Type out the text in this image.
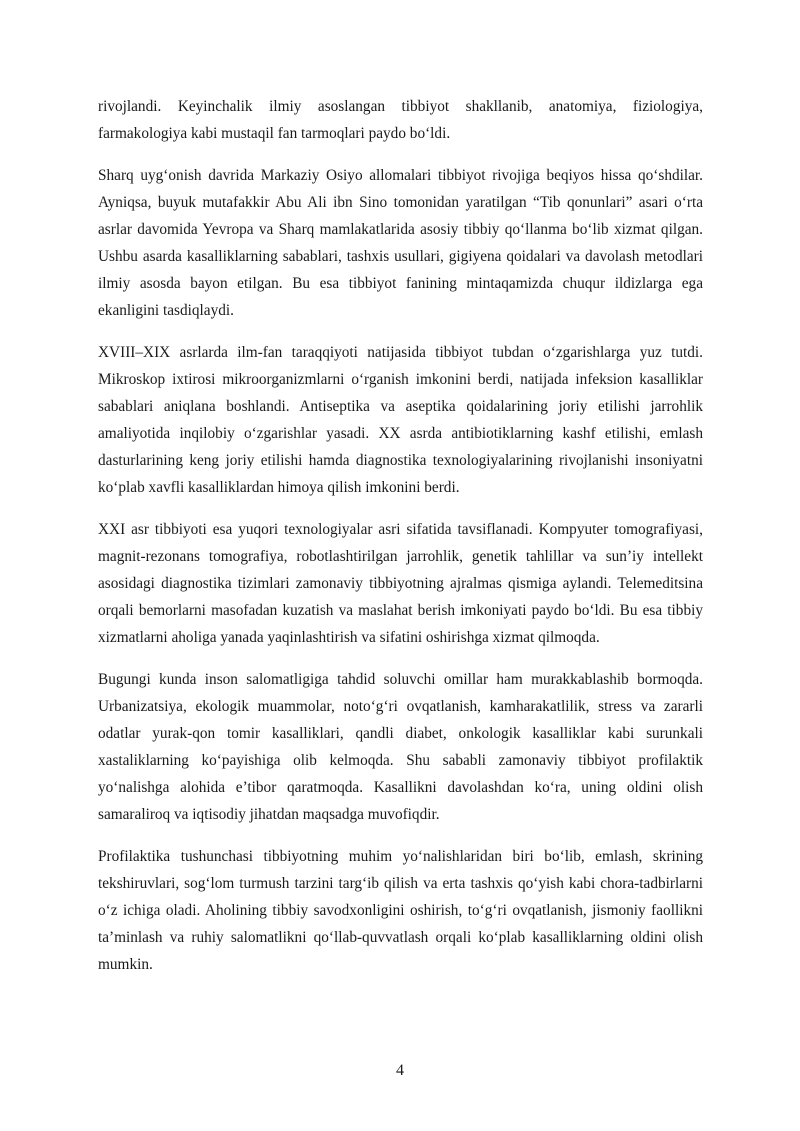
rivojlandi. Keyinchalik ilmiy asoslangan tibbiyot shakllanib, anatomiya, fiziologiya, farmakologiya kabi mustaqil fan tarmoqlari paydo bo‘ldi.

Sharq uyg‘onish davrida Markaziy Osiyo allomalari tibbiyot rivojiga beqiyos hissa qo‘shdilar. Ayniqsa, buyuk mutafakkir Abu Ali ibn Sino tomonidan yaratilgan “Tib qonunlari” asari o‘rta asrlar davomida Yevropa va Sharq mamlakatlarida asosiy tibbiy qo‘llanma bo‘lib xizmat qilgan. Ushbu asarda kasalliklarning sabablari, tashxis usullari, gigiyena qoidalari va davolash metodlari ilmiy asosda bayon etilgan. Bu esa tibbiyot fanining mintaqamizda chuqur ildizlarga ega ekanligini tasdiqlaydi.

XVIII–XIX asrlarda ilm-fan taraqqiyoti natijasida tibbiyot tubdan o‘zgarishlarga yuz tutdi. Mikroskop ixtirosi mikroorganizmlarni o‘rganish imkonini berdi, natijada infeksion kasalliklar sabablari aniqlana boshlandi. Antiseptika va aseptika qoidalarining joriy etilishi jarrohlik amaliyotida inqilobiy o‘zgarishlar yasadi. XX asrda antibiotiklarning kashf etilishi, emlash dasturlarining keng joriy etilishi hamda diagnostika texnologiyalarining rivojlanishi insoniyatni ko‘plab xavfli kasalliklardan himoya qilish imkonini berdi.

XXI asr tibbiyoti esa yuqori texnologiyalar asri sifatida tavsiflanadi. Kompyuter tomografiyasi, magnit-rezonans tomografiya, robotlashtirilgan jarrohlik, genetik tahlillar va sun’iy intellekt asosidagi diagnostika tizimlari zamonaviy tibbiyotning ajralmas qismiga aylandi. Telemeditsina orqali bemorlarni masofadan kuzatish va maslahat berish imkoniyati paydo bo‘ldi. Bu esa tibbiy xizmatlarni aholiga yanada yaqinlashtirish va sifatini oshirishga xizmat qilmoqda.

Bugungi kunda inson salomatligiga tahdid soluvchi omillar ham murakkablashib bormoqda. Urbanizatsiya, ekologik muammolar, noto‘g‘ri ovqatlanish, kamharakatlilik, stress va zararli odatlar yurak-qon tomir kasalliklari, qandli diabet, onkologik kasalliklar kabi surunkali xastaliklarning ko‘payishiga olib kelmoqda. Shu sababli zamonaviy tibbiyot profilaktik yo‘nalishga alohida e’tibor qaratmoqda. Kasallikni davolashdan ko‘ra, uning oldini olish samaraliroq va iqtisodiy jihatdan maqsadga muvofiqdir.

Profilaktika tushunchasi tibbiyotning muhim yo‘nalishlaridan biri bo‘lib, emlash, skrining tekshiruvlari, sog‘lom turmush tarzini targ‘ib qilish va erta tashxis qo‘yish kabi chora-tadbirlarni o‘z ichiga oladi. Aholining tibbiy savodxonligini oshirish, to‘g‘ri ovqatlanish, jismoniy faollikni ta’minlash va ruhiy salomatlikni qo‘llab-quvvatlash orqali ko‘plab kasalliklarning oldini olish mumkin.

4
